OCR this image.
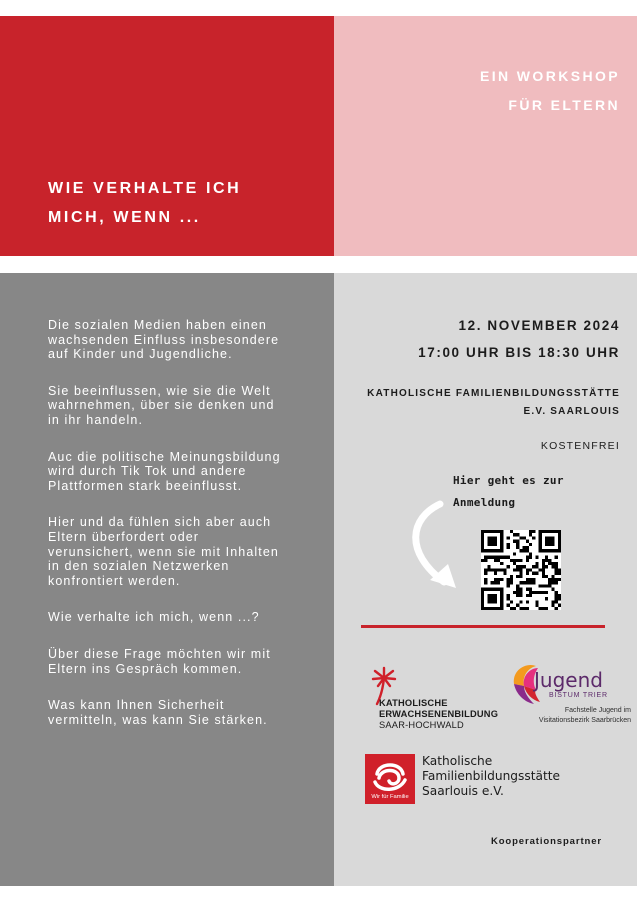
WIE VERHALTE ICH
MICH, WENN ...
EIN WORKSHOP
FÜR ELTERN

Die sozialen Medien haben einen wachsenden Einfluss insbesondere auf Kinder und Jugendliche.

Sie beeinflussen, wie sie die Welt wahrnehmen, über sie denken und in ihr handeln.

Auc die politische Meinungsbildung wird durch Tik Tok und andere Plattformen stark beeinflusst.

Hier und da fühlen sich aber auch Eltern überfordert oder verunsichert, wenn sie mit Inhalten in den sozialen Netzwerken konfrontiert werden.

Wie verhalte ich mich, wenn ...?

Über diese Frage möchten wir mit Eltern ins Gespräch kommen.

Was kann Ihnen Sicherheit vermitteln, was kann Sie stärken.

12. NOVEMBER 2024
17:00 UHR BIS 18:30 UHR
KATHOLISCHE FAMILIENBILDUNGSSTÄTTE
E.V. SAARLOUIS
KOSTENFREI
Hier geht es zur
Anmeldung
KATHOLISCHE
ERWACHSENENBILDUNG
SAAR-HOCHWALD
Jugend
BISTUM TRIER
Fachstelle Jugend im
Visitationsbezirk Saarbrücken
Wir für Familie
Katholische
Familienbildungsstätte
Saarlouis e.V.
Kooperationspartner
